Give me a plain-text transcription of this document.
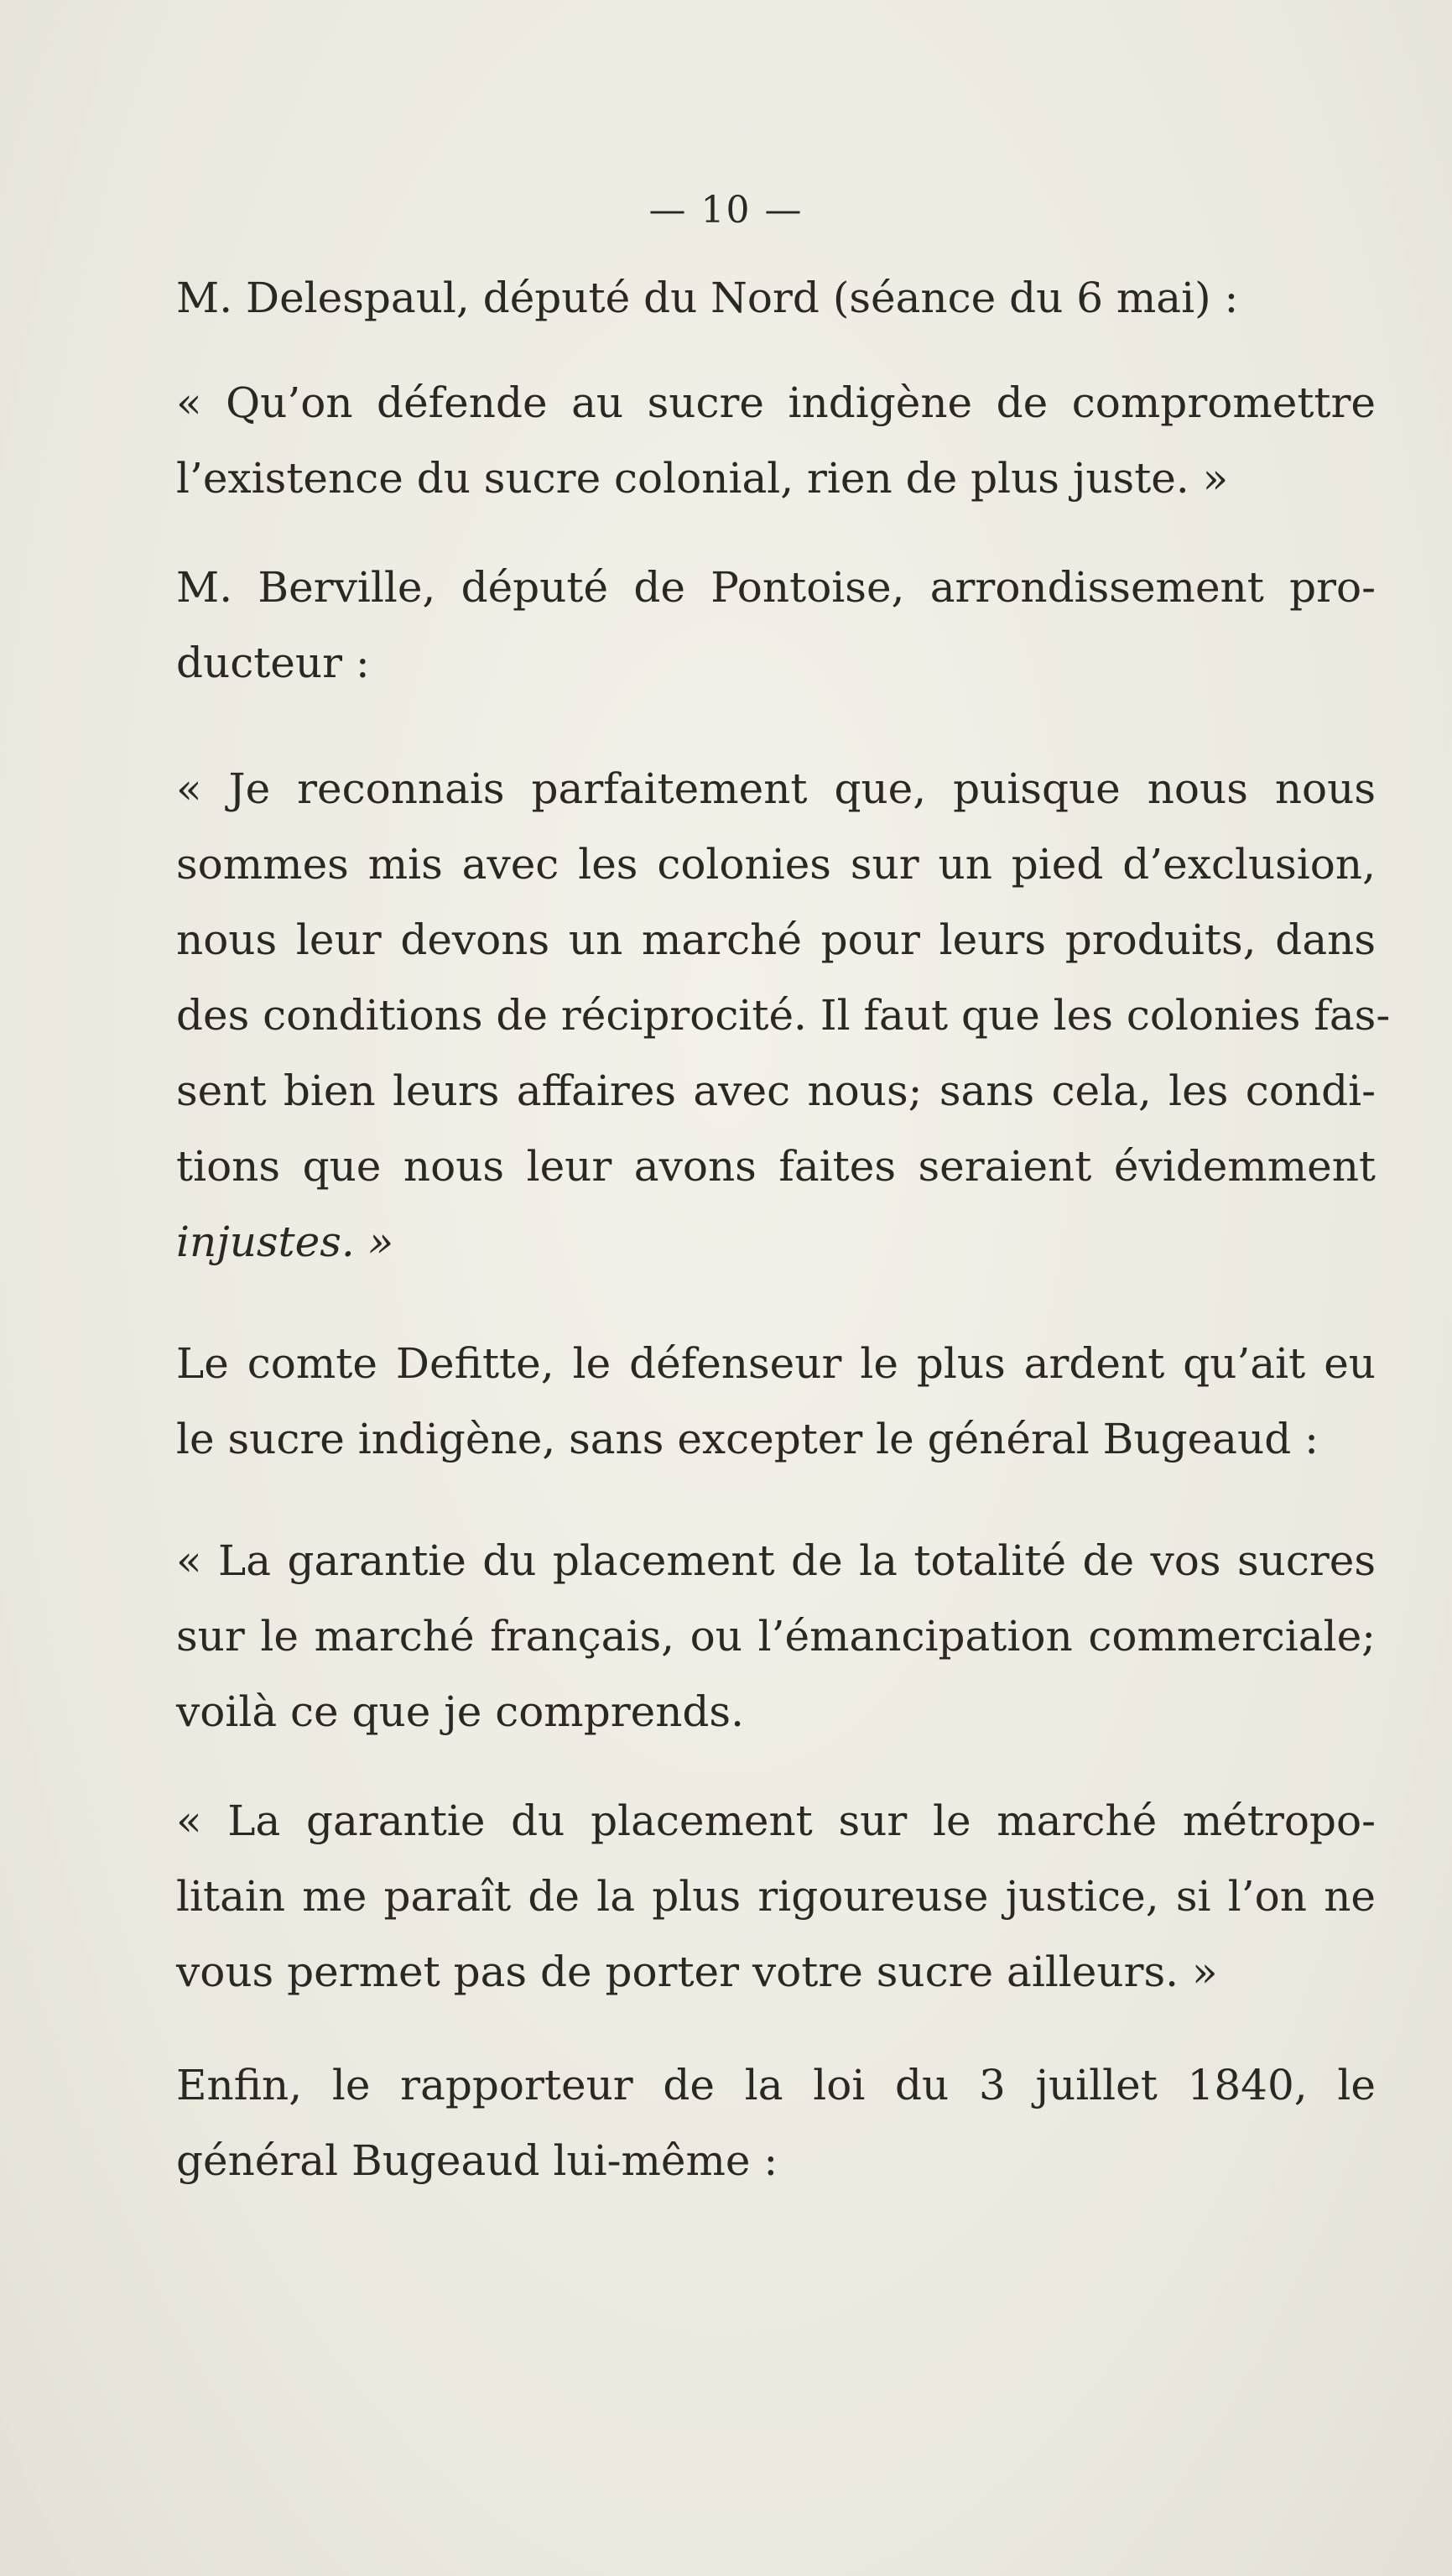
— 10 —
M. Delespaul, député du Nord (séance du 6 mai) :
« Qu’on défende au sucre indigène de compromettre
l’existence du sucre colonial, rien de plus juste. »
M. Berville, député de Pontoise, arrondissement pro-
ducteur :
« Je reconnais parfaitement que, puisque nous nous
sommes mis avec les colonies sur un pied d’exclusion,
nous leur devons un marché pour leurs produits, dans
des conditions de réciprocité. Il faut que les colonies fas-
sent bien leurs affaires avec nous; sans cela, les condi-
tions que nous leur avons faites seraient évidemment
injustes. »
Le comte Defitte, le défenseur le plus ardent qu’ait eu
le sucre indigène, sans excepter le général Bugeaud :
« La garantie du placement de la totalité de vos sucres
sur le marché français, ou l’émancipation commerciale;
voilà ce que je comprends.
« La garantie du placement sur le marché métropo-
litain me paraît de la plus rigoureuse justice, si l’on ne
vous permet pas de porter votre sucre ailleurs. »
Enfin, le rapporteur de la loi du 3 juillet 1840, le
général Bugeaud lui-même :
